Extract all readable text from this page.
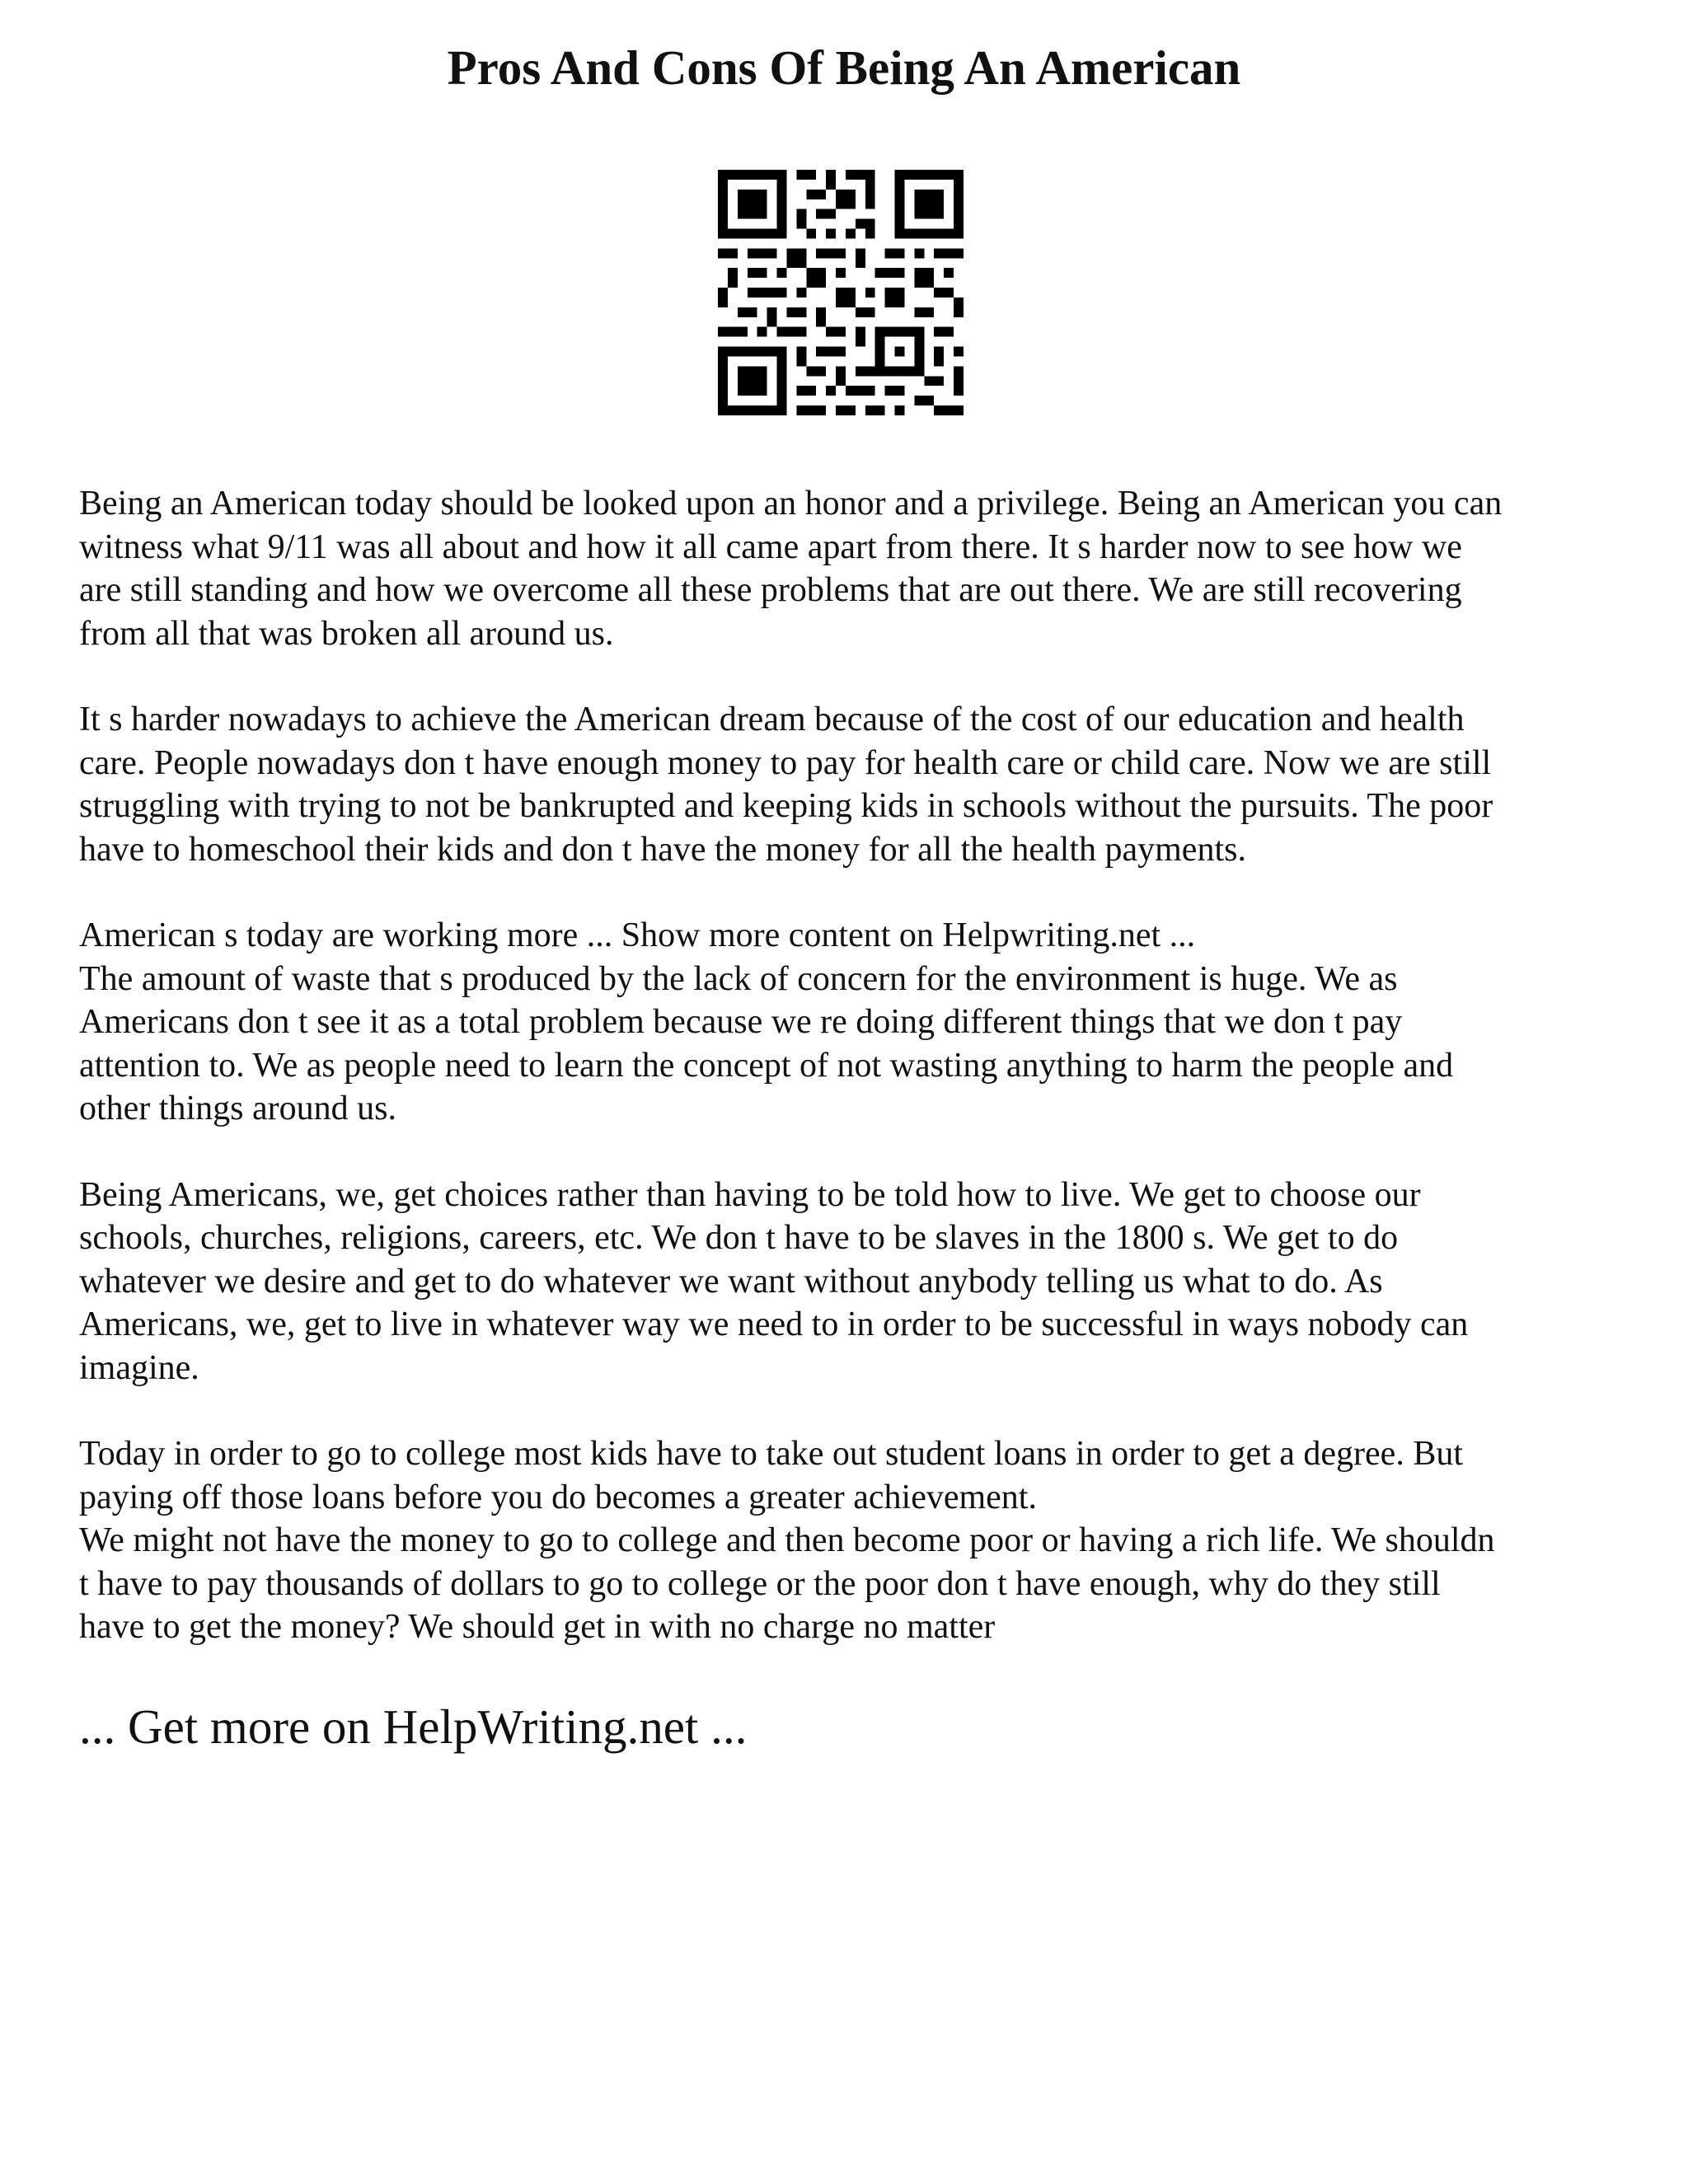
Pros And Cons Of Being An American

Being an American today should be looked upon an honor and a privilege. Being an American you can
witness what 9/11 was all about and how it all came apart from there. It s harder now to see how we
are still standing and how we overcome all these problems that are out there. We are still recovering
from all that was broken all around us.

It s harder nowadays to achieve the American dream because of the cost of our education and health
care. People nowadays don t have enough money to pay for health care or child care. Now we are still
struggling with trying to not be bankrupted and keeping kids in schools without the pursuits. The poor
have to homeschool their kids and don t have the money for all the health payments.

American s today are working more ... Show more content on Helpwriting.net ...
The amount of waste that s produced by the lack of concern for the environment is huge. We as
Americans don t see it as a total problem because we re doing different things that we don t pay
attention to. We as people need to learn the concept of not wasting anything to harm the people and
other things around us.

Being Americans, we, get choices rather than having to be told how to live. We get to choose our
schools, churches, religions, careers, etc. We don t have to be slaves in the 1800 s. We get to do
whatever we desire and get to do whatever we want without anybody telling us what to do. As
Americans, we, get to live in whatever way we need to in order to be successful in ways nobody can
imagine.

Today in order to go to college most kids have to take out student loans in order to get a degree. But
paying off those loans before you do becomes a greater achievement.
We might not have the money to go to college and then become poor or having a rich life. We shouldn
t have to pay thousands of dollars to go to college or the poor don t have enough, why do they still
have to get the money? We should get in with no charge no matter

... Get more on HelpWriting.net ...
